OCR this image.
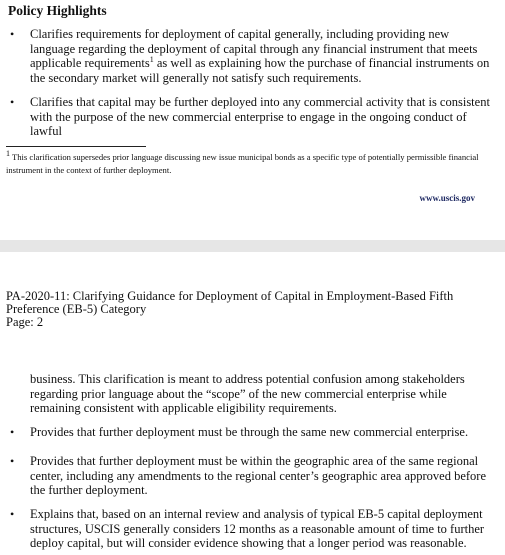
Policy Highlights
• Clarifies requirements for deployment of capital generally, including providing new language regarding the deployment of capital through any financial instrument that meets applicable requirements$^1$ as well as explaining how the purchase of financial instruments on the secondary market will generally not satisfy such requirements.
• Clarifies that capital may be further deployed into any commercial activity that is consistent with the purpose of the new commercial enterprise to engage in the ongoing conduct of lawful
$^1$ This clarification supersedes prior language discussing new issue municipal bonds as a specific type of potentially permissible financial instrument in the context of further deployment.
www.uscis.gov
PA-2020-11: Clarifying Guidance for Deployment of Capital in Employment-Based Fifth Preference (EB-5) Category
Page: 2
business. This clarification is meant to address potential confusion among stakeholders regarding prior language about the “scope” of the new commercial enterprise while remaining consistent with applicable eligibility requirements.
• Provides that further deployment must be through the same new commercial enterprise.
• Provides that further deployment must be within the geographic area of the same regional center, including any amendments to the regional center’s geographic area approved before the further deployment.
• Explains that, based on an internal review and analysis of typical EB-5 capital deployment structures, USCIS generally considers 12 months as a reasonable amount of time to further deploy capital, but will consider evidence showing that a longer period was reasonable.
